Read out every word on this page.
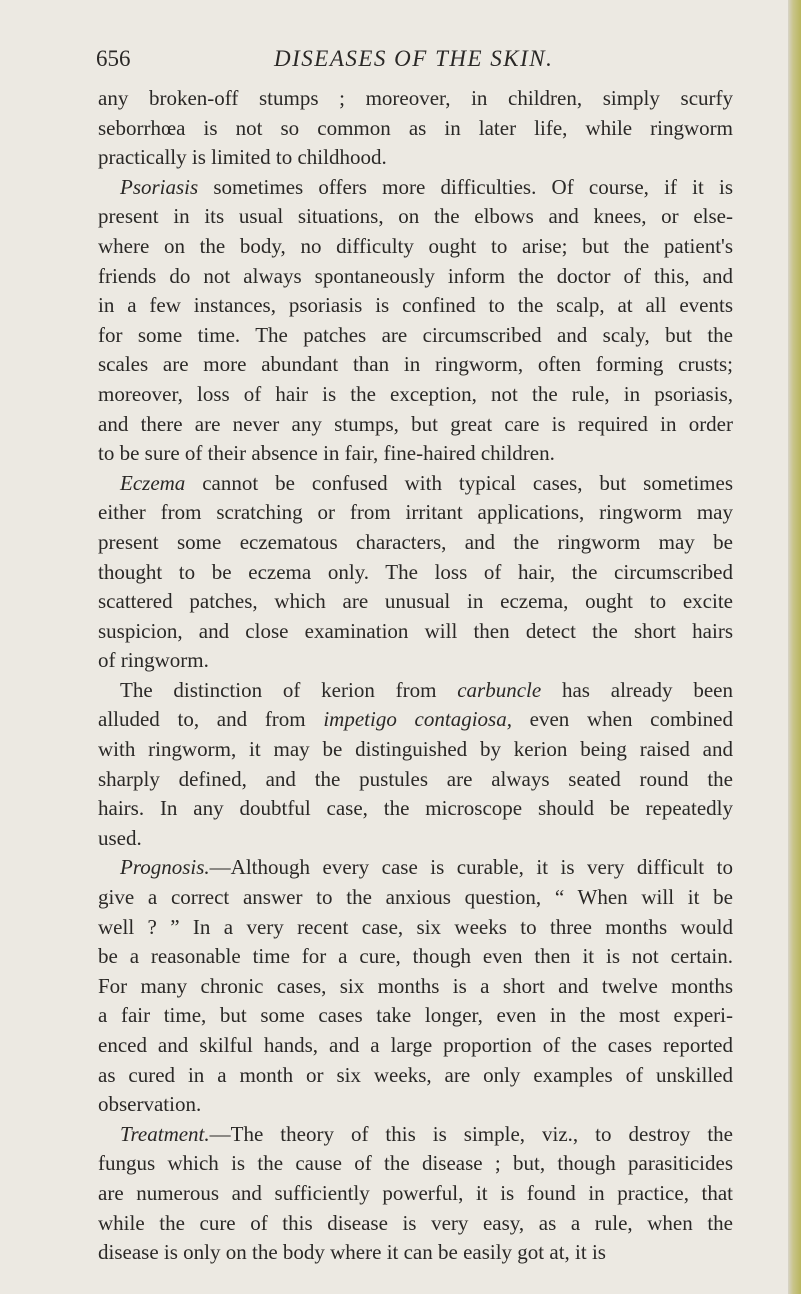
656	DISEASES OF THE SKIN.
any broken-off stumps ; moreover, in children, simply scurfy
seborrhœa is not so common as in later life, while ringworm
practically is limited to childhood.
Psoriasis sometimes offers more difficulties. Of course, if it is
present in its usual situations, on the elbows and knees, or else-
where on the body, no difficulty ought to arise; but the patient's
friends do not always spontaneously inform the doctor of this, and
in a few instances, psoriasis is confined to the scalp, at all events
for some time. The patches are circumscribed and scaly, but the
scales are more abundant than in ringworm, often forming crusts;
moreover, loss of hair is the exception, not the rule, in psoriasis,
and there are never any stumps, but great care is required in order
to be sure of their absence in fair, fine-haired children.
Eczema cannot be confused with typical cases, but sometimes
either from scratching or from irritant applications, ringworm may
present some eczematous characters, and the ringworm may be
thought to be eczema only. The loss of hair, the circumscribed
scattered patches, which are unusual in eczema, ought to excite
suspicion, and close examination will then detect the short hairs
of ringworm.
The distinction of kerion from carbuncle has already been
alluded to, and from impetigo contagiosa, even when combined
with ringworm, it may be distinguished by kerion being raised and
sharply defined, and the pustules are always seated round the
hairs. In any doubtful case, the microscope should be repeatedly
used.
Prognosis.—Although every case is curable, it is very difficult to
give a correct answer to the anxious question, “ When will it be
well ? ” In a very recent case, six weeks to three months would
be a reasonable time for a cure, though even then it is not certain.
For many chronic cases, six months is a short and twelve months
a fair time, but some cases take longer, even in the most experi-
enced and skilful hands, and a large proportion of the cases reported
as cured in a month or six weeks, are only examples of unskilled
observation.
Treatment.—The theory of this is simple, viz., to destroy the
fungus which is the cause of the disease ; but, though parasiticides
are numerous and sufficiently powerful, it is found in practice, that
while the cure of this disease is very easy, as a rule, when the
disease is only on the body where it can be easily got at, it is
